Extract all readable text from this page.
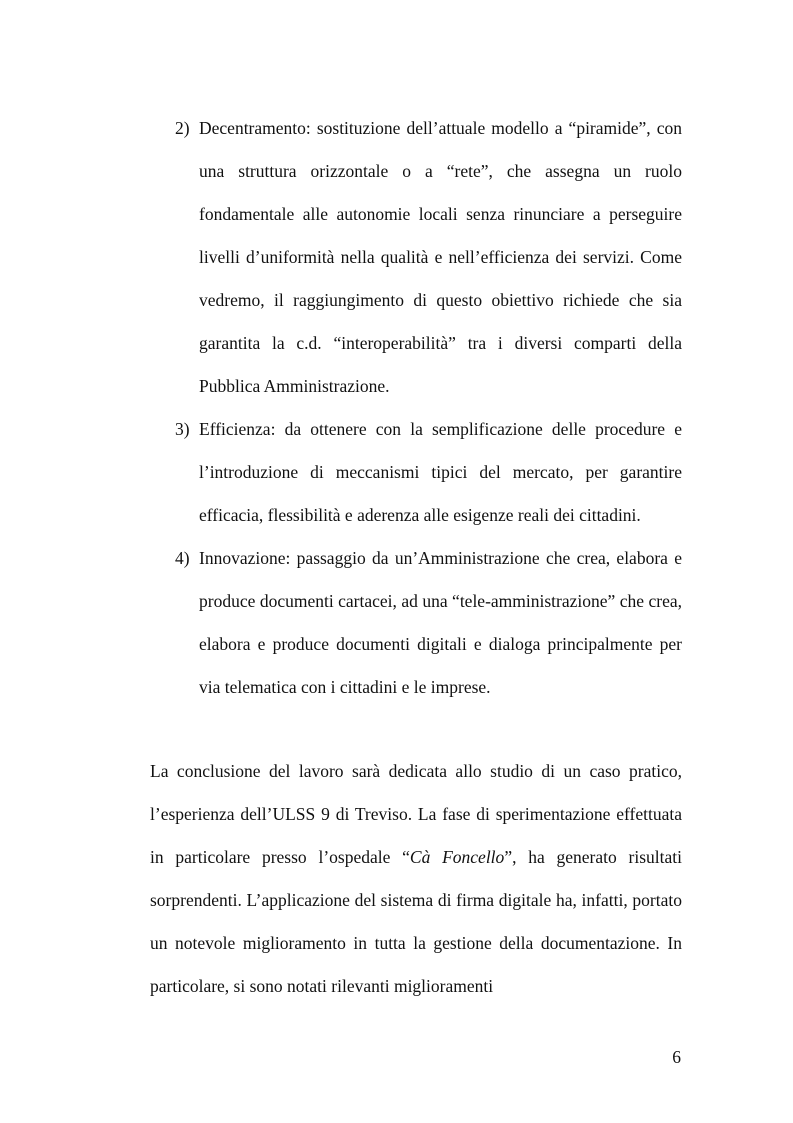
2) Decentramento: sostituzione dell’attuale modello a “piramide”, con una struttura orizzontale o a “rete”, che assegna un ruolo fondamentale alle autonomie locali senza rinunciare a perseguire livelli d’uniformità nella qualità e nell’efficienza dei servizi. Come vedremo, il raggiungimento di questo obiettivo richiede che sia garantita la c.d. “interoperabilità” tra i diversi comparti della Pubblica Amministrazione.

3) Efficienza: da ottenere con la semplificazione delle procedure e l’introduzione di meccanismi tipici del mercato, per garantire efficacia, flessibilità e aderenza alle esigenze reali dei cittadini.

4) Innovazione: passaggio da un’Amministrazione che crea, elabora e produce documenti cartacei, ad una “tele-amministrazione” che crea, elabora e produce documenti digitali e dialoga principalmente per via telematica con i cittadini e le imprese.

La conclusione del lavoro sarà dedicata allo studio di un caso pratico, l’esperienza dell’ULSS 9 di Treviso. La fase di sperimentazione effettuata in particolare presso l’ospedale “Cà Foncello”, ha generato risultati sorprendenti. L’applicazione del sistema di firma digitale ha, infatti, portato un notevole miglioramento in tutta la gestione della documentazione. In particolare, si sono notati rilevanti miglioramenti

6
